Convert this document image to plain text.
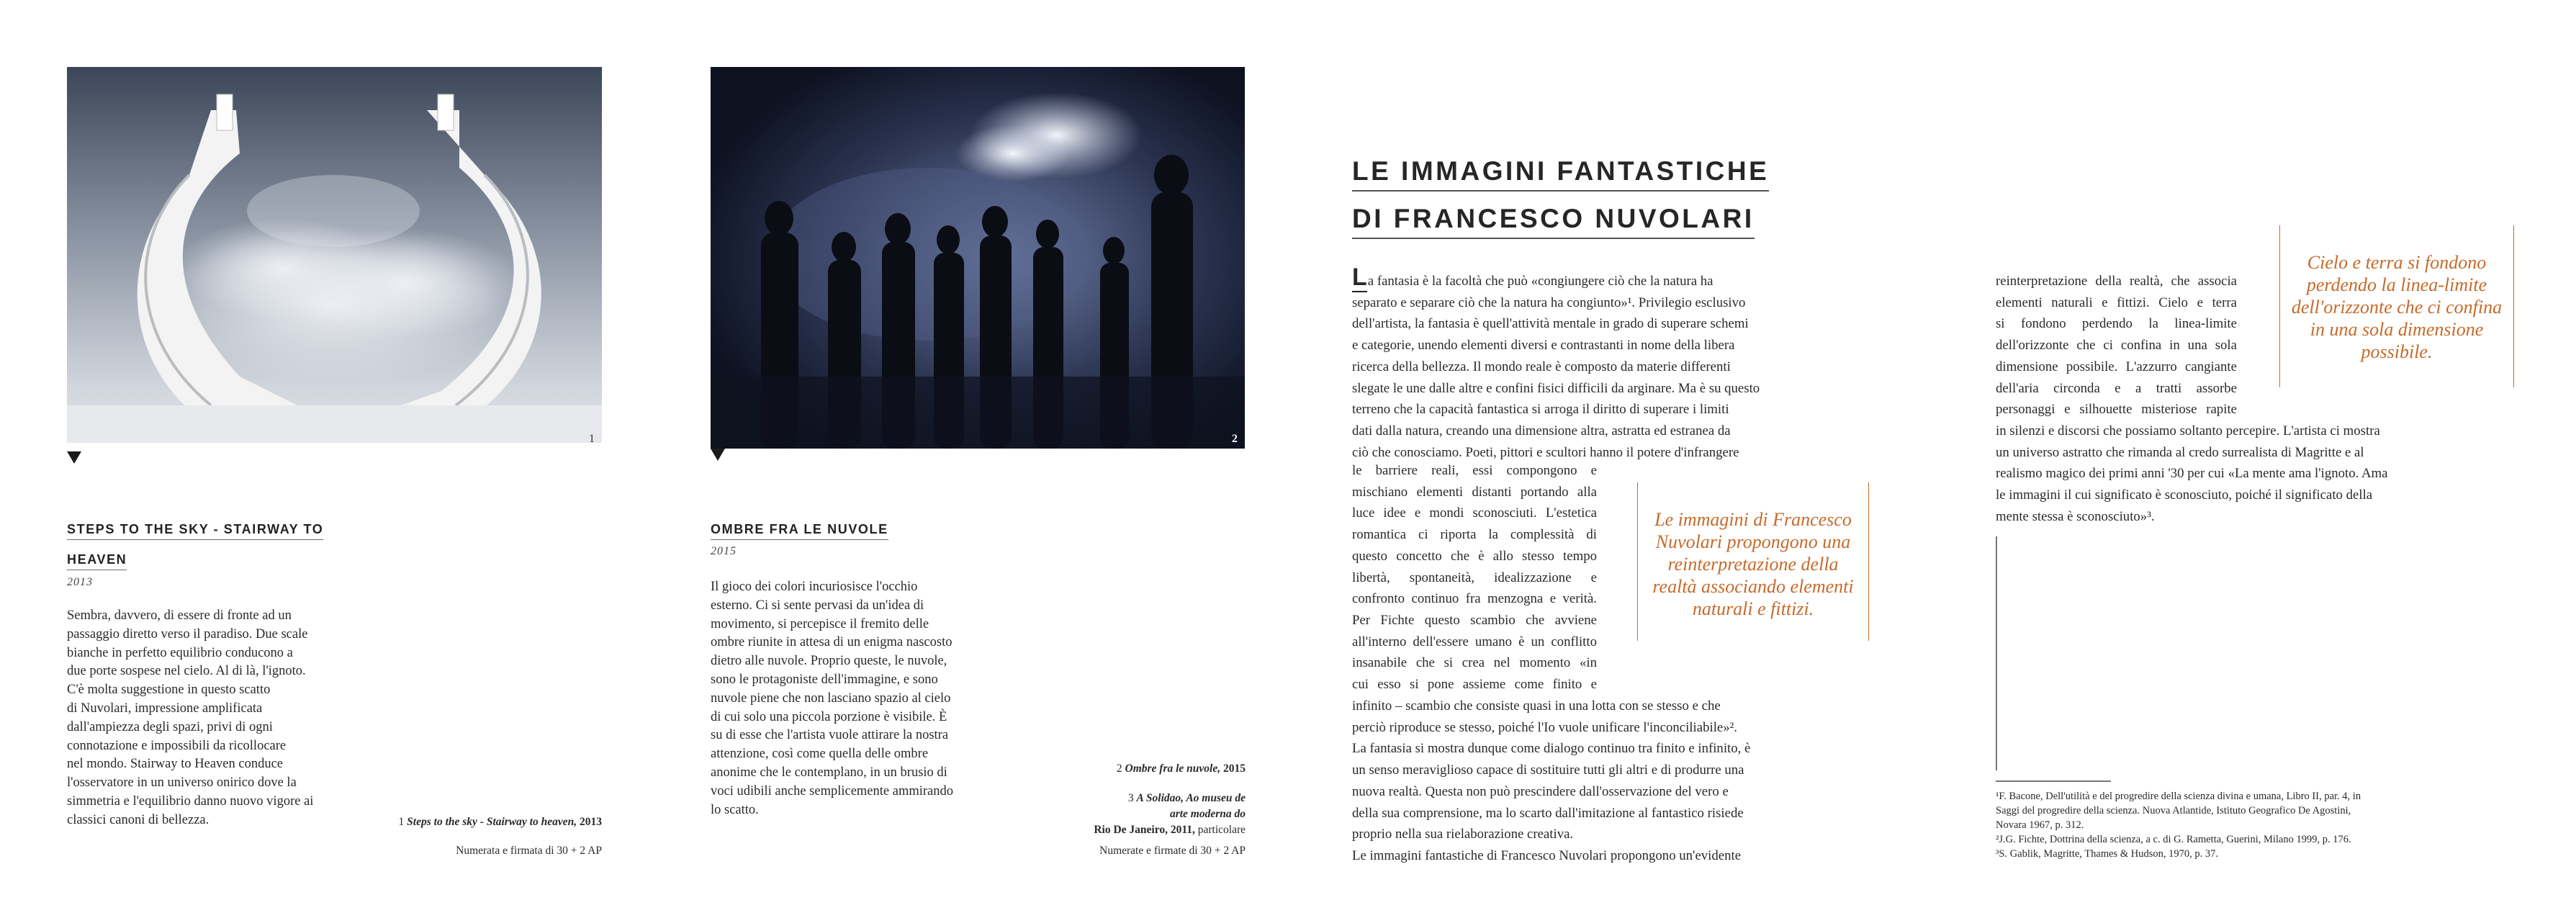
1
STEPS TO THE SKY - STAIRWAY TO
HEAVEN
2013
Sembra, davvero, di essere di fronte ad un
passaggio diretto verso il paradiso. Due scale
bianche in perfetto equilibrio conducono a
due porte sospese nel cielo. Al di là, l'ignoto.
C'è molta suggestione in questo scatto
di Nuvolari, impressione amplificata
dall'ampiezza degli spazi, privi di ogni
connotazione e impossibili da ricollocare
nel mondo. Stairway to Heaven conduce
l'osservatore in un universo onirico dove la
simmetria e l'equilibrio danno nuovo vigore ai
classici canoni di bellezza.	1 Steps to the sky - Stairway to heaven, 2013
Numerata e firmata di 30 + 2 AP
2
OMBRE FRA LE NUVOLE
2015
Il gioco dei colori incuriosisce l'occhio
esterno. Ci si sente pervasi da un'idea di
movimento, si percepisce il fremito delle
ombre riunite in attesa di un enigma nascosto
dietro alle nuvole. Proprio queste, le nuvole,
sono le protagoniste dell'immagine, e sono
nuvole piene che non lasciano spazio al cielo
di cui solo una piccola porzione è visibile. È
su di esse che l'artista vuole attirare la nostra
attenzione, così come quella delle ombre
anonime che le contemplano, in un brusio di
voci udibili anche semplicemente ammirando
lo scatto.
2 Ombre fra le nuvole, 2015
3 A Solidao, Ao museu de
arte moderna do
Rio De Janeiro, 2011, particolare
Numerate e firmate di 30 + 2 AP
LE IMMAGINI FANTASTICHE
DI FRANCESCO NUVOLARI
La fantasia è la facoltà che può «congiungere ciò che la natura ha
separato e separare ciò che la natura ha congiunto»¹. Privilegio esclusivo
dell'artista, la fantasia è quell'attività mentale in grado di superare schemi
e categorie, unendo elementi diversi e contrastanti in nome della libera
ricerca della bellezza. Il mondo reale è composto da materie differenti
slegate le une dalle altre e confini fisici difficili da arginare. Ma è su questo
terreno che la capacità fantastica si arroga il diritto di superare i limiti
dati dalla natura, creando una dimensione altra, astratta ed estranea da
ciò che conosciamo. Poeti, pittori e scultori hanno il potere d'infrangere
le barriere reali, essi compongono e
mischiano elementi distanti portando alla
luce idee e mondi sconosciuti. L'estetica
romantica ci riporta la complessità di
questo concetto che è allo stesso tempo
libertà, spontaneità, idealizzazione e
confronto continuo fra menzogna e verità.
Per Fichte questo scambio che avviene
all'interno dell'essere umano è un conflitto
insanabile che si crea nel momento «in
cui esso si pone assieme come finito e
Le immagini di Francesco Nuvolari propongono una reinterpretazione della realtà associando elementi naturali e fittizi.
infinito – scambio che consiste quasi in una lotta con se stesso e che
perciò riproduce se stesso, poiché l'Io vuole unificare l'inconciliabile»².
La fantasia si mostra dunque come dialogo continuo tra finito e infinito, è
un senso meraviglioso capace di sostituire tutti gli altri e di produrre una
nuova realtà. Questa non può prescindere dall'osservazione del vero e
della sua comprensione, ma lo scarto dall'imitazione al fantastico risiede
proprio nella sua rielaborazione creativa.
Le immagini fantastiche di Francesco Nuvolari propongono un'evidente
reinterpretazione della realtà, che associa
elementi naturali e fittizi. Cielo e terra
si fondono perdendo la linea-limite
dell'orizzonte che ci confina in una sola
dimensione possibile. L'azzurro cangiante
dell'aria circonda e a tratti assorbe
personaggi e silhouette misteriose rapite
Cielo e terra si fondono perdendo la linea-limite dell'orizzonte che ci confina in una sola dimensione possibile.
in silenzi e discorsi che possiamo soltanto percepire. L'artista ci mostra
un universo astratto che rimanda al credo surrealista di Magritte e al
realismo magico dei primi anni '30 per cui «La mente ama l'ignoto. Ama
le immagini il cui significato è sconosciuto, poiché il significato della
mente stessa è sconosciuto»³.

¹F. Bacone, Dell'utilità e del progredire della scienza divina e umana, Libro II, par. 4, in

Saggi del progredire della scienza. Nuova Atlantide, Istituto Geografico De Agostini,

Novara 1967, p. 312.

²J.G. Fichte, Dottrina della scienza, a c. di G. Rametta, Guerini, Milano 1999, p. 176.

³S. Gablik, Magritte, Thames & Hudson, 1970, p. 37.
